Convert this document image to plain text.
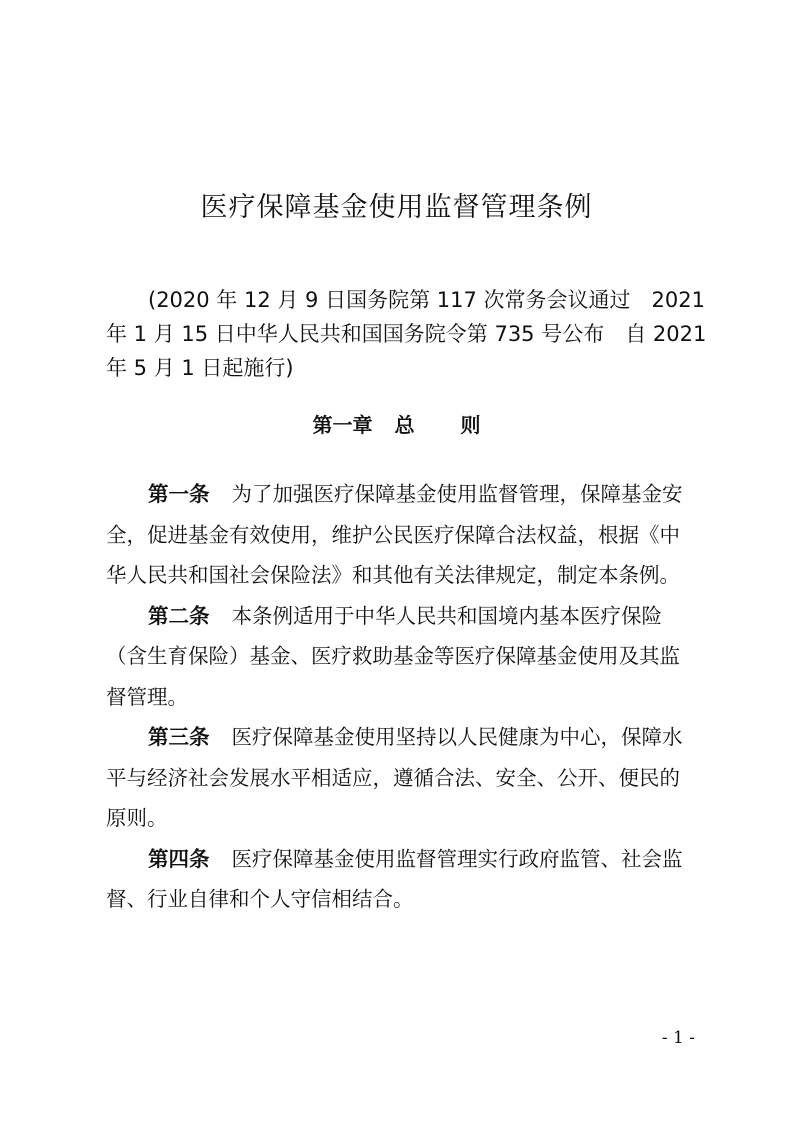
医疗保障基金使用监督管理条例

(2020 年 12 月 9 日国务院第 117 次常务会议通过　2021
年 1 月 15 日中华人民共和国国务院令第 735 号公布　自 2021
年 5 月 1 日起施行)

第一章 总 则
第一条 为了加强医疗保障基金使用监督管理，保障基金安
全，促进基金有效使用，维护公民医疗保障合法权益，根据《中
华人民共和国社会保险法》和其他有关法律规定，制定本条例。
第二条 本条例适用于中华人民共和国境内基本医疗保险
（含生育保险）基金、医疗救助基金等医疗保障基金使用及其监
督管理。
第三条 医疗保障基金使用坚持以人民健康为中心，保障水
平与经济社会发展水平相适应，遵循合法、安全、公开、便民的
原则。
第四条 医疗保障基金使用监督管理实行政府监管、社会监
督、行业自律和个人守信相结合。
- 1 -
